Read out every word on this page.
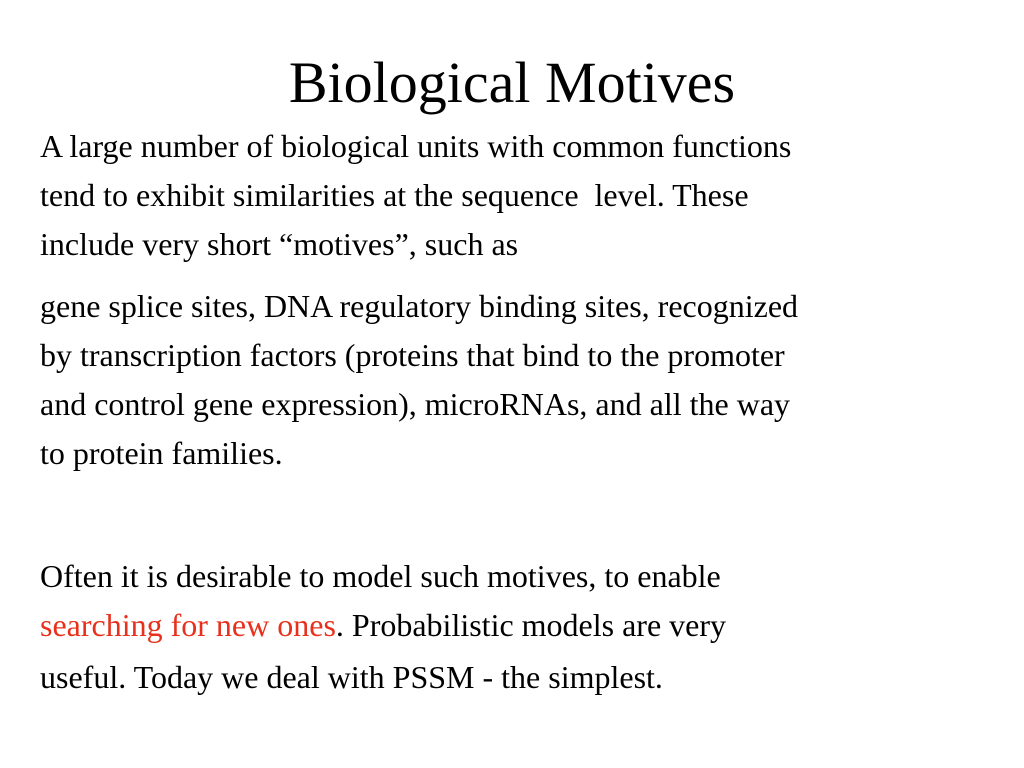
Biological Motives
A large number of biological units with common functions
tend to exhibit similarities at the sequence  level. These
include very short “motives”, such as
gene splice sites, DNA regulatory binding sites, recognized
by transcription factors (proteins that bind to the promoter
and control gene expression), microRNAs, and all the way
to protein families.
Often it is desirable to model such motives, to enable
searching for new ones. Probabilistic models are very
useful. Today we deal with PSSM - the simplest.
